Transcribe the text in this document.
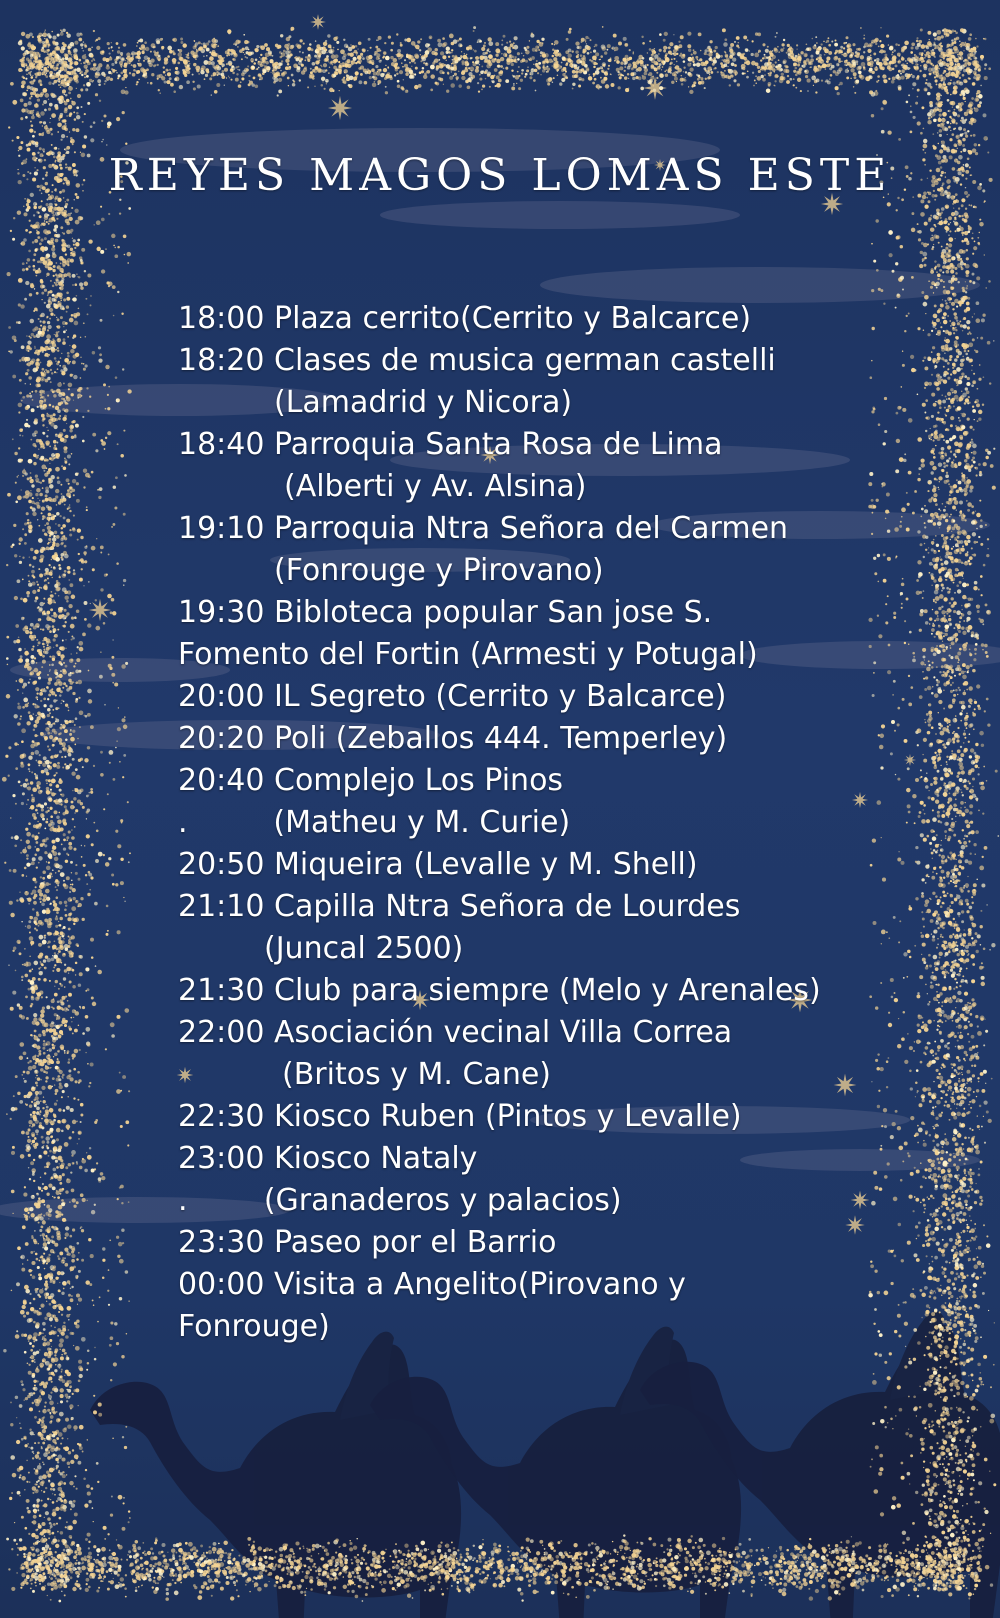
REYES MAGOS LOMAS ESTE
18:00 Plaza cerrito(Cerrito y Balcarce)
18:20 Clases de musica german castelli
(Lamadrid y Nicora)
18:40 Parroquia Santa Rosa de Lima
(Alberti y Av. Alsina)
19:10 Parroquia Ntra Señora del Carmen
(Fonrouge y Pirovano)
19:30 Bibloteca popular San jose S.
Fomento del Fortin (Armesti y Potugal)
20:00 IL Segreto (Cerrito y Balcarce)
20:20 Poli (Zeballos 444. Temperley)
20:40 Complejo Los Pinos
.         (Matheu y M. Curie)
20:50 Miqueira (Levalle y M. Shell)
21:10 Capilla Ntra Señora de Lourdes
(Juncal 2500)
21:30 Club para siempre (Melo y Arenales)
22:00 Asociación vecinal Villa Correa
(Britos y M. Cane)
22:30 Kiosco Ruben (Pintos y Levalle)
23:00 Kiosco Nataly
.        (Granaderos y palacios)
23:30 Paseo por el Barrio
00:00 Visita a Angelito(Pirovano y
Fonrouge)
